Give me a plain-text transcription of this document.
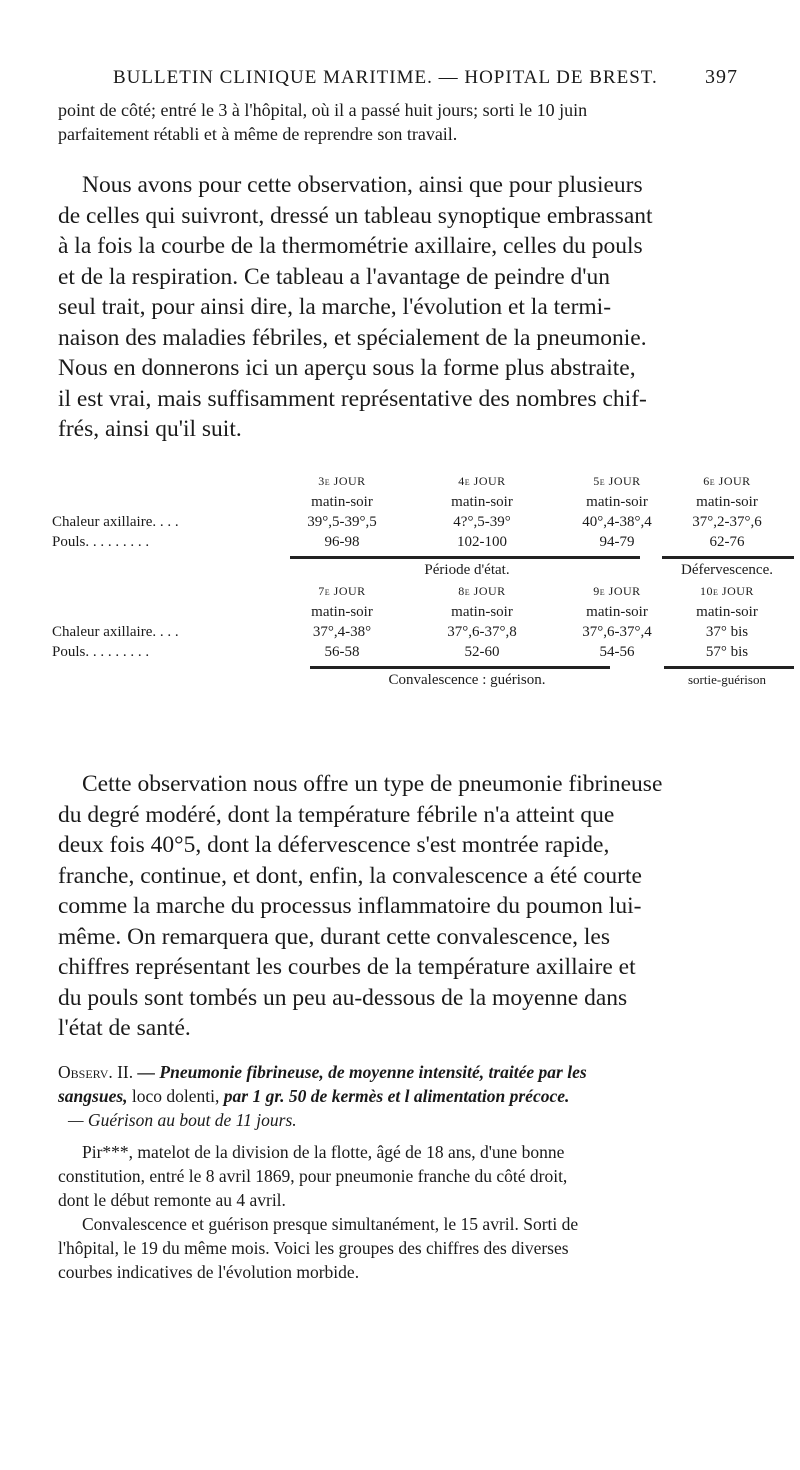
BULLETIN CLINIQUE MARITIME. — HOPITAL DE BREST. 397
point de côté; entré le 3 à l'hôpital, où il a passé huit jours; sorti le 10 juin
parfaitement rétabli et à même de reprendre son travail.
Nous avons pour cette observation, ainsi que pour plusieurs
de celles qui suivront, dressé un tableau synoptique embrassant
à la fois la courbe de la thermométrie axillaire, celles du pouls
et de la respiration. Ce tableau a l'avantage de peindre d'un
seul trait, pour ainsi dire, la marche, l'évolution et la termi-
naison des maladies fébriles, et spécialement de la pneumonie.
Nous en donnerons ici un aperçu sous la forme plus abstraite,
il est vrai, mais suffisamment représentative des nombres chif-
frés, ainsi qu'il suit.
3e JOUR	4e JOUR	5e JOUR	6e JOUR
matin-soir	matin-soir	matin-soir	matin-soir
Chaleur axillaire. . . .	39°,5-39°,5	4?°,5-39°	40°,4-38°,4	37°,2-37°,6
Pouls. . . . . . . . .	96-98	102-100	94-79	62-76
Période d'état.	Défervescence.
7e JOUR	8e JOUR	9e JOUR	10e JOUR
matin-soir	matin-soir	matin-soir	matin-soir
Chaleur axillaire. . . .	37°,4-38°	37°,6-37°,8	37°,6-37°,4	37° bis
Pouls. . . . . . . . .	56-58	52-60	54-56	57° bis
Convalescence : guérison.	sortie-guérison
Cette observation nous offre un type de pneumonie fibrineuse
du degré modéré, dont la température fébrile n'a atteint que
deux fois 40°5, dont la défervescence s'est montrée rapide,
franche, continue, et dont, enfin, la convalescence a été courte
comme la marche du processus inflammatoire du poumon lui-
même. On remarquera que, durant cette convalescence, les
chiffres représentant les courbes de la température axillaire et
du pouls sont tombés un peu au-dessous de la moyenne dans
l'état de santé.
Observ. II. — Pneumonie fibrineuse, de moyenne intensité, traitée par les
sangsues, loco dolenti, par 1 gr. 50 de kermès et l alimentation précoce.
— Guérison au bout de 11 jours.
Pir***, matelot de la division de la flotte, âgé de 18 ans, d'une bonne
constitution, entré le 8 avril 1869, pour pneumonie franche du côté droit,
dont le début remonte au 4 avril.
Convalescence et guérison presque simultanément, le 15 avril. Sorti de
l'hôpital, le 19 du même mois. Voici les groupes des chiffres des diverses
courbes indicatives de l'évolution morbide.
